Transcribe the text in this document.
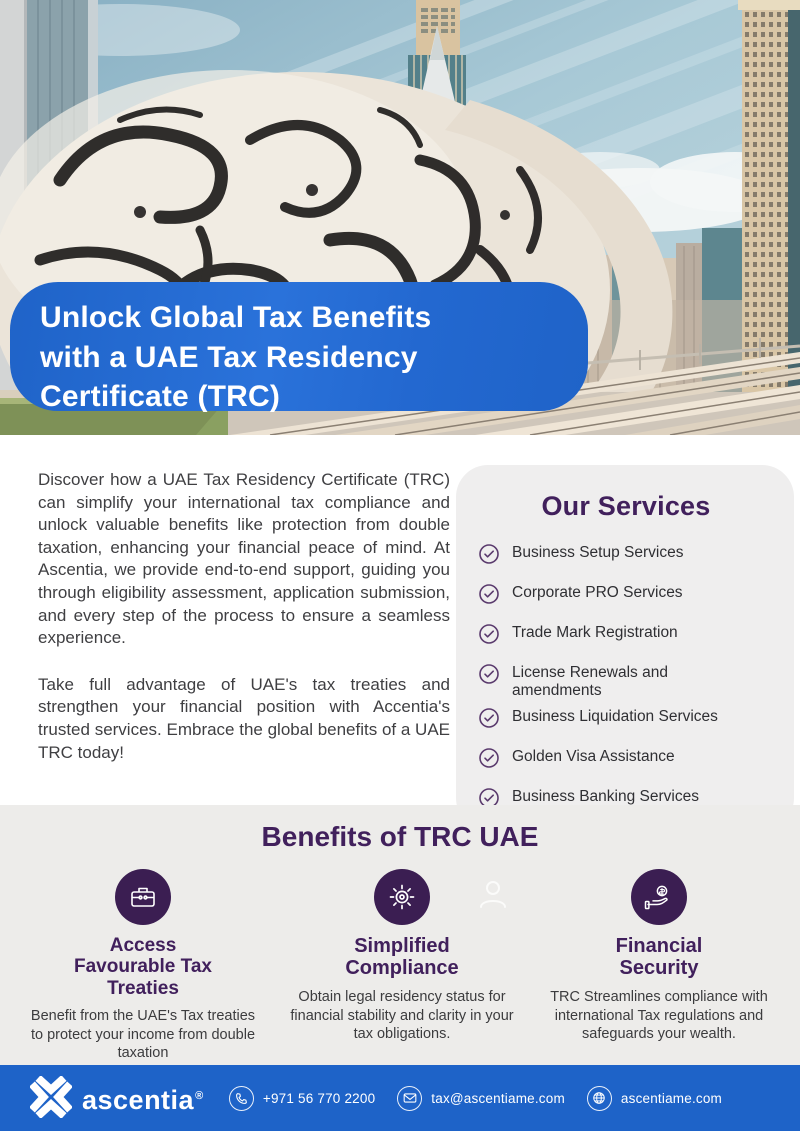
Unlock Global Tax Benefits
with a UAE Tax Residency
Certificate (TRC)

Discover how a UAE Tax Residency Certificate (TRC) can simplify your international tax compliance and unlock valuable benefits like protection from double taxation, enhancing your financial peace of mind. At Ascentia, we provide end-to-end support, guiding you through eligibility assessment, application submission, and every step of the process to ensure a seamless experience.

Take full advantage of UAE's tax treaties and strengthen your financial position with Accentia's trusted services. Embrace the global benefits of a UAE TRC today!

Our Services
Business Setup Services
Corporate PRO Services
Trade Mark Registration
License Renewals and amendments
Business Liquidation Services
Golden Visa Assistance
Business Banking Services
Benefits of TRC UAE
Access Favourable Tax Treaties
Benefit from the UAE's Tax treaties to protect your income from double taxation
Simplified Compliance
Obtain legal residency status for financial stability and clarity in your tax obligations.
Financial Security
TRC Streamlines compliance with international Tax regulations and safeguards your wealth.
ascentia®	+971 56 770 2200	tax@ascentiame.com	ascentiame.com
